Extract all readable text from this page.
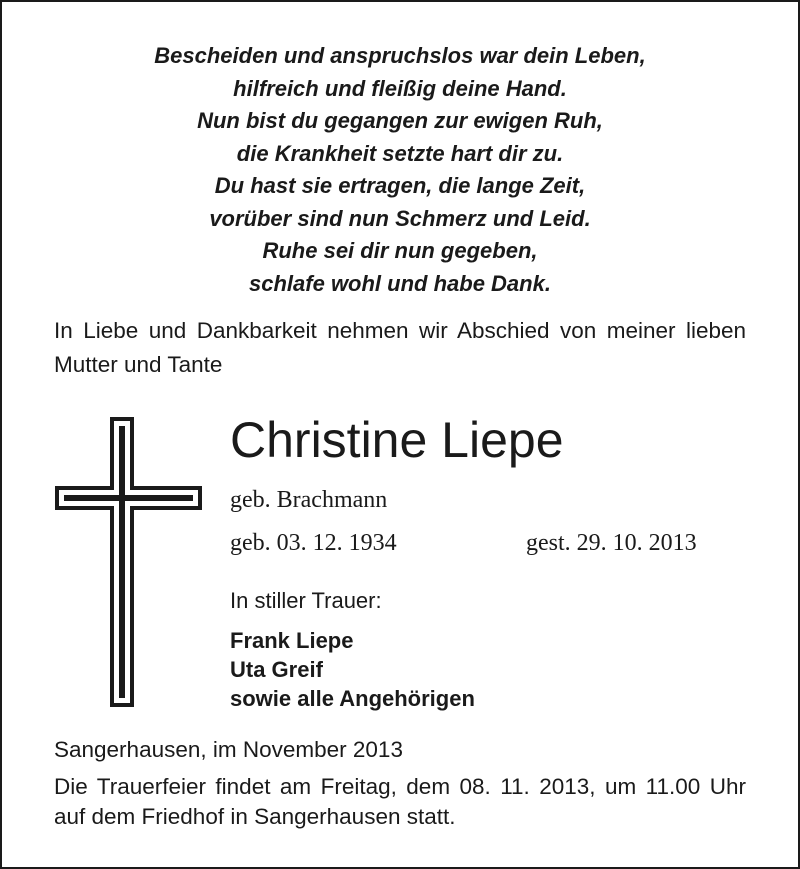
Bescheiden und anspruchslos war dein Leben,
hilfreich und fleißig deine Hand.
Nun bist du gegangen zur ewigen Ruh,
die Krankheit setzte hart dir zu.
Du hast sie ertragen, die lange Zeit,
vorüber sind nun Schmerz und Leid.
Ruhe sei dir nun gegeben,
schlafe wohl und habe Dank.

In Liebe und Dankbarkeit nehmen wir Abschied von meiner lieben Mutter und Tante

Christine Liepe
geb. Brachmann
geb. 03. 12. 1934	gest. 29. 10. 2013
In stiller Trauer:
Frank Liepe
Uta Greif
sowie alle Angehörigen
Sangerhausen, im November 2013

Die Trauerfeier findet am Freitag, dem 08. 11. 2013, um 11.00 Uhr auf dem Friedhof in Sangerhausen statt.
